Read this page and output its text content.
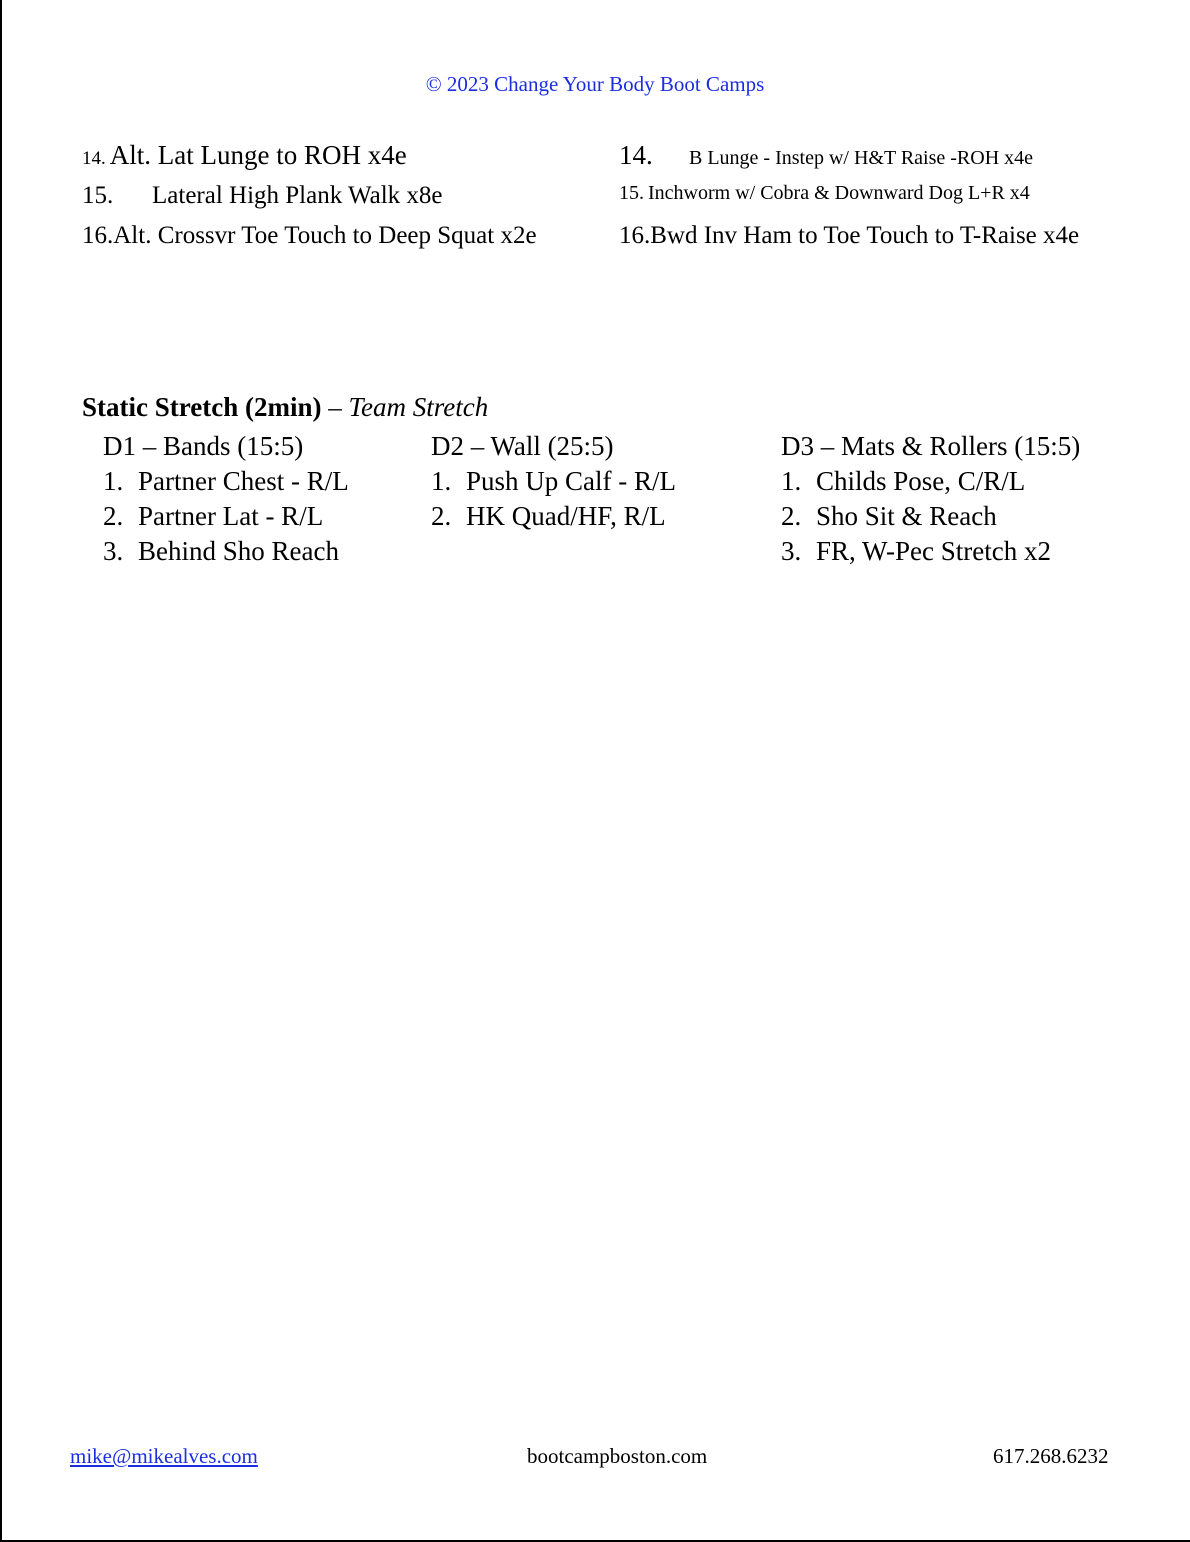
© 2023 Change Your Body Boot Camps
14. Alt. Lat Lunge to ROH x4e
15. Lateral High Plank Walk x8e
16.Alt. Crossvr Toe Touch to Deep Squat x2e
14. B Lunge - Instep w/ H&T Raise -ROH x4e
15. Inchworm w/ Cobra & Downward Dog L+R x4
16.Bwd Inv Ham to Toe Touch to T-Raise x4e
Static Stretch (2min) – Team Stretch
D1 – Bands (15:5)
1. Partner Chest - R/L
2. Partner Lat - R/L
3. Behind Sho Reach
D2 – Wall (25:5)
1. Push Up Calf - R/L
2. HK Quad/HF, R/L
D3 – Mats & Rollers (15:5)
1. Childs Pose, C/R/L
2. Sho Sit & Reach
3. FR, W-Pec Stretch x2
mike@mikealves.com	bootcampboston.com	617.268.6232
